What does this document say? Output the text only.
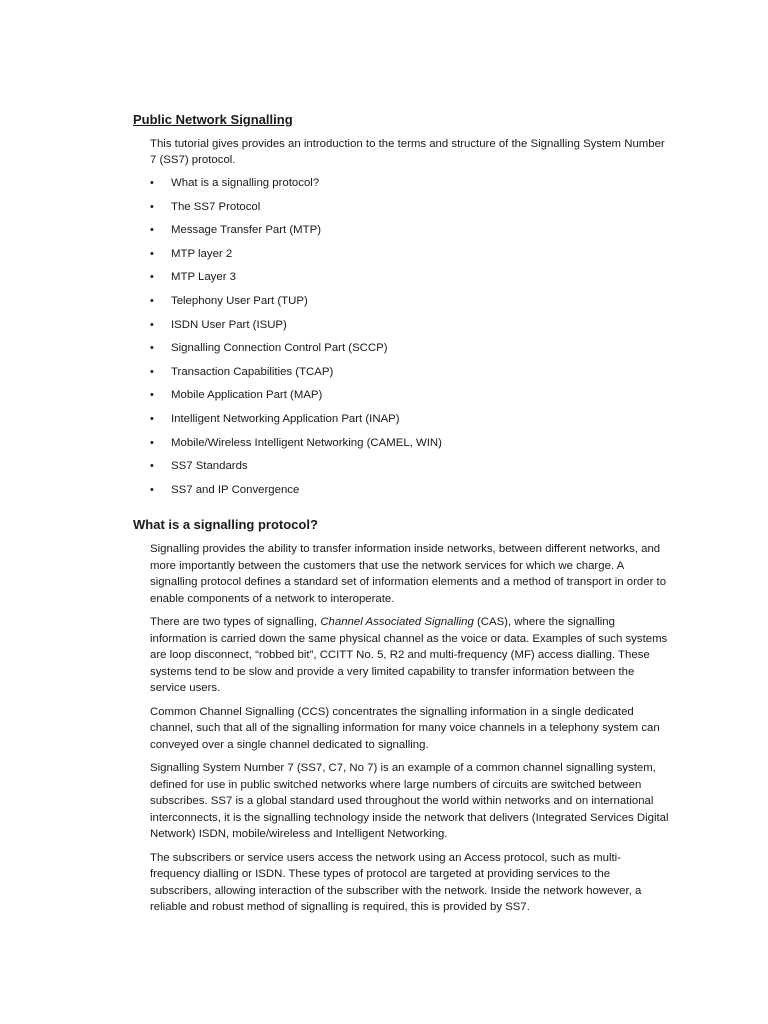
Public Network Signalling

This tutorial gives provides an introduction to the terms and structure of the Signalling System Number 7 (SS7) protocol.

• What is a signalling protocol?
• The SS7 Protocol
• Message Transfer Part (MTP)
• MTP layer 2
• MTP Layer 3
• Telephony User Part (TUP)
• ISDN User Part (ISUP)
• Signalling Connection Control Part (SCCP)
• Transaction Capabilities (TCAP)
• Mobile Application Part (MAP)
• Intelligent Networking Application Part (INAP)
• Mobile/Wireless Intelligent Networking (CAMEL, WIN)
• SS7 Standards
• SS7 and IP Convergence
What is a signalling protocol?

Signalling provides the ability to transfer information inside networks, between different networks, and more importantly between the customers that use the network services for which we charge. A signalling protocol defines a standard set of information elements and a method of transport in order to enable components of a network to interoperate.

There are two types of signalling, Channel Associated Signalling (CAS), where the signalling information is carried down the same physical channel as the voice or data. Examples of such systems are loop disconnect, “robbed bit”, CCITT No. 5, R2 and multi-frequency (MF) access dialling. These systems tend to be slow and provide a very limited capability to transfer information between the service users.

Common Channel Signalling (CCS) concentrates the signalling information in a single dedicated channel, such that all of the signalling information for many voice channels in a telephony system can conveyed over a single channel dedicated to signalling.

Signalling System Number 7 (SS7, C7, No 7) is an example of a common channel signalling system, defined for use in public switched networks where large numbers of circuits are switched between subscribes. SS7 is a global standard used throughout the world within networks and on international interconnects, it is the signalling technology inside the network that delivers (Integrated Services Digital Network) ISDN, mobile/wireless and Intelligent Networking.

The subscribers or service users access the network using an Access protocol, such as multi-frequency dialling or ISDN. These types of protocol are targeted at providing services to the subscribers, allowing interaction of the subscriber with the network. Inside the network however, a reliable and robust method of signalling is required, this is provided by SS7.
